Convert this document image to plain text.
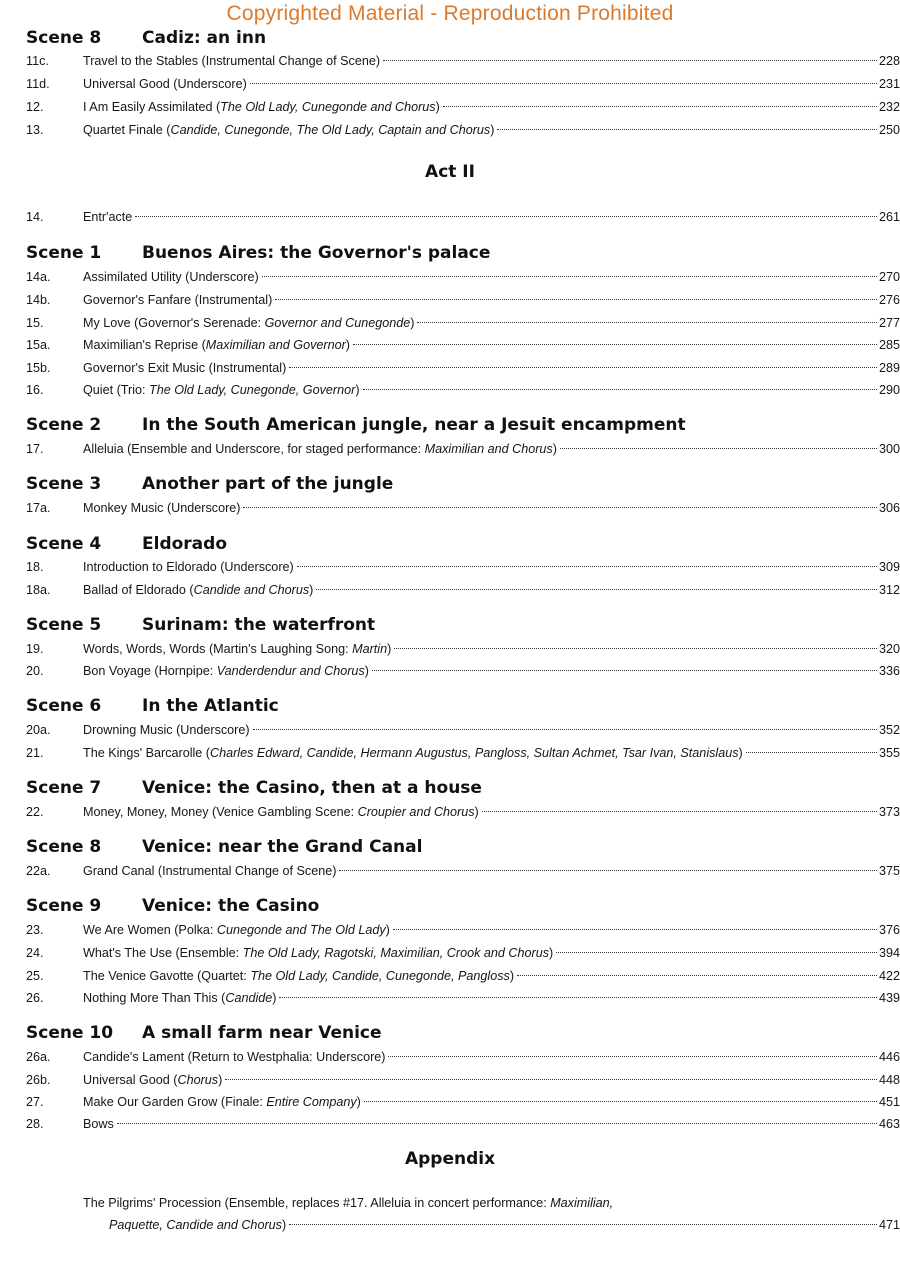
Copyrighted Material - Reproduction Prohibited
Scene 8 Cadiz: an inn
11c.	Travel to the Stables (Instrumental Change of Scene)	228
11d.	Universal Good (Underscore)	231
12.	I Am Easily Assimilated (The Old Lady, Cunegonde and Chorus)	232
13.	Quartet Finale (Candide, Cunegonde, The Old Lady, Captain and Chorus)	250
Act II
14.	Entr'acte	261
Scene 1 Buenos Aires: the Governor's palace
14a.	Assimilated Utility (Underscore)	270
14b.	Governor's Fanfare (Instrumental)	276
15.	My Love (Governor's Serenade: Governor and Cunegonde)	277
15a.	Maximilian's Reprise (Maximilian and Governor)	285
15b.	Governor's Exit Music (Instrumental)	289
16.	Quiet (Trio: The Old Lady, Cunegonde, Governor)	290
Scene 2 In the South American jungle, near a Jesuit encampment
17.	Alleluia (Ensemble and Underscore, for staged performance: Maximilian and Chorus)	300
Scene 3 Another part of the jungle
17a.	Monkey Music (Underscore)	306
Scene 4 Eldorado
18.	Introduction to Eldorado (Underscore)	309
18a.	Ballad of Eldorado (Candide and Chorus)	312
Scene 5 Surinam: the waterfront
19.	Words, Words, Words (Martin's Laughing Song: Martin)	320
20.	Bon Voyage (Hornpipe: Vanderdendur and Chorus)	336
Scene 6 In the Atlantic
20a.	Drowning Music (Underscore)	352
21.	The Kings' Barcarolle (Charles Edward, Candide, Hermann Augustus, Pangloss, Sultan Achmet, Tsar Ivan, Stanislaus)	355
Scene 7 Venice: the Casino, then at a house
22.	Money, Money, Money (Venice Gambling Scene: Croupier and Chorus)	373
Scene 8 Venice: near the Grand Canal
22a.	Grand Canal (Instrumental Change of Scene)	375
Scene 9 Venice: the Casino
23.	We Are Women (Polka: Cunegonde and The Old Lady)	376
24.	What's The Use (Ensemble: The Old Lady, Ragotski, Maximilian, Crook and Chorus)	394
25.	The Venice Gavotte (Quartet: The Old Lady, Candide, Cunegonde, Pangloss)	422
26.	Nothing More Than This (Candide)	439
Scene 10 A small farm near Venice
26a.	Candide's Lament (Return to Westphalia: Underscore)	446
26b.	Universal Good (Chorus)	448
27.	Make Our Garden Grow (Finale: Entire Company)	451
28.	Bows	463
Appendix
The Pilgrims' Procession (Ensemble, replaces #17. Alleluia in concert performance: Maximilian,
Paquette, Candide and Chorus)	471
